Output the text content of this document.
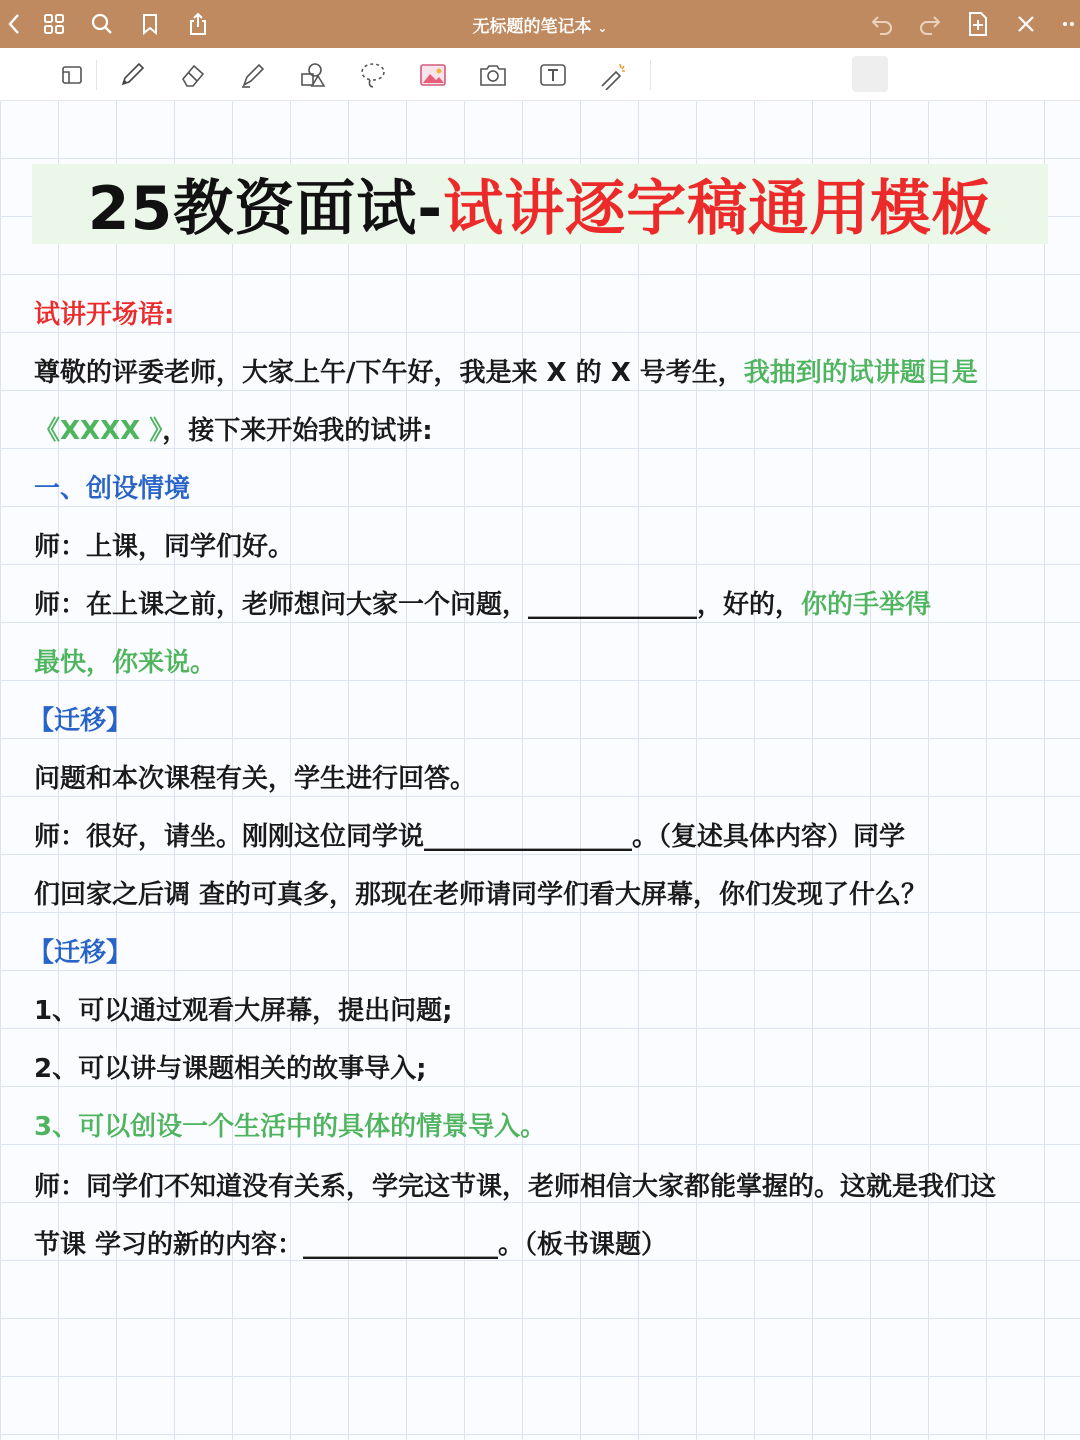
无标题的笔记本 ⌄
25教资面试- 试讲逐字稿通用模板
试讲开场语:
尊敬的评委老师，大家上午/下午好，我是来 X 的 X 号考生，我抽到的试讲题目是
《XXXX 》，接下来开始我的试讲:
一、创设情境
师：上课，同学们好。
师：在上课之前，老师想问大家一个问题，_____________，好的，你的手举得
最快，你来说。
【迁移】
问题和本次课程有关，学生进行回答。
师：很好，请坐。刚刚这位同学说________________。（复述具体内容）同学
们回家之后调 查的可真多，那现在老师请同学们看大屏幕，你们发现了什么？
【迁移】
1、可以通过观看大屏幕，提出问题;
2、可以讲与课题相关的故事导入;
3、可以创设一个生活中的具体的情景导入。
师：同学们不知道没有关系，学完这节课，老师相信大家都能掌握的。这就是我们这
节课 学习的新的内容：_______________。（板书课题）
